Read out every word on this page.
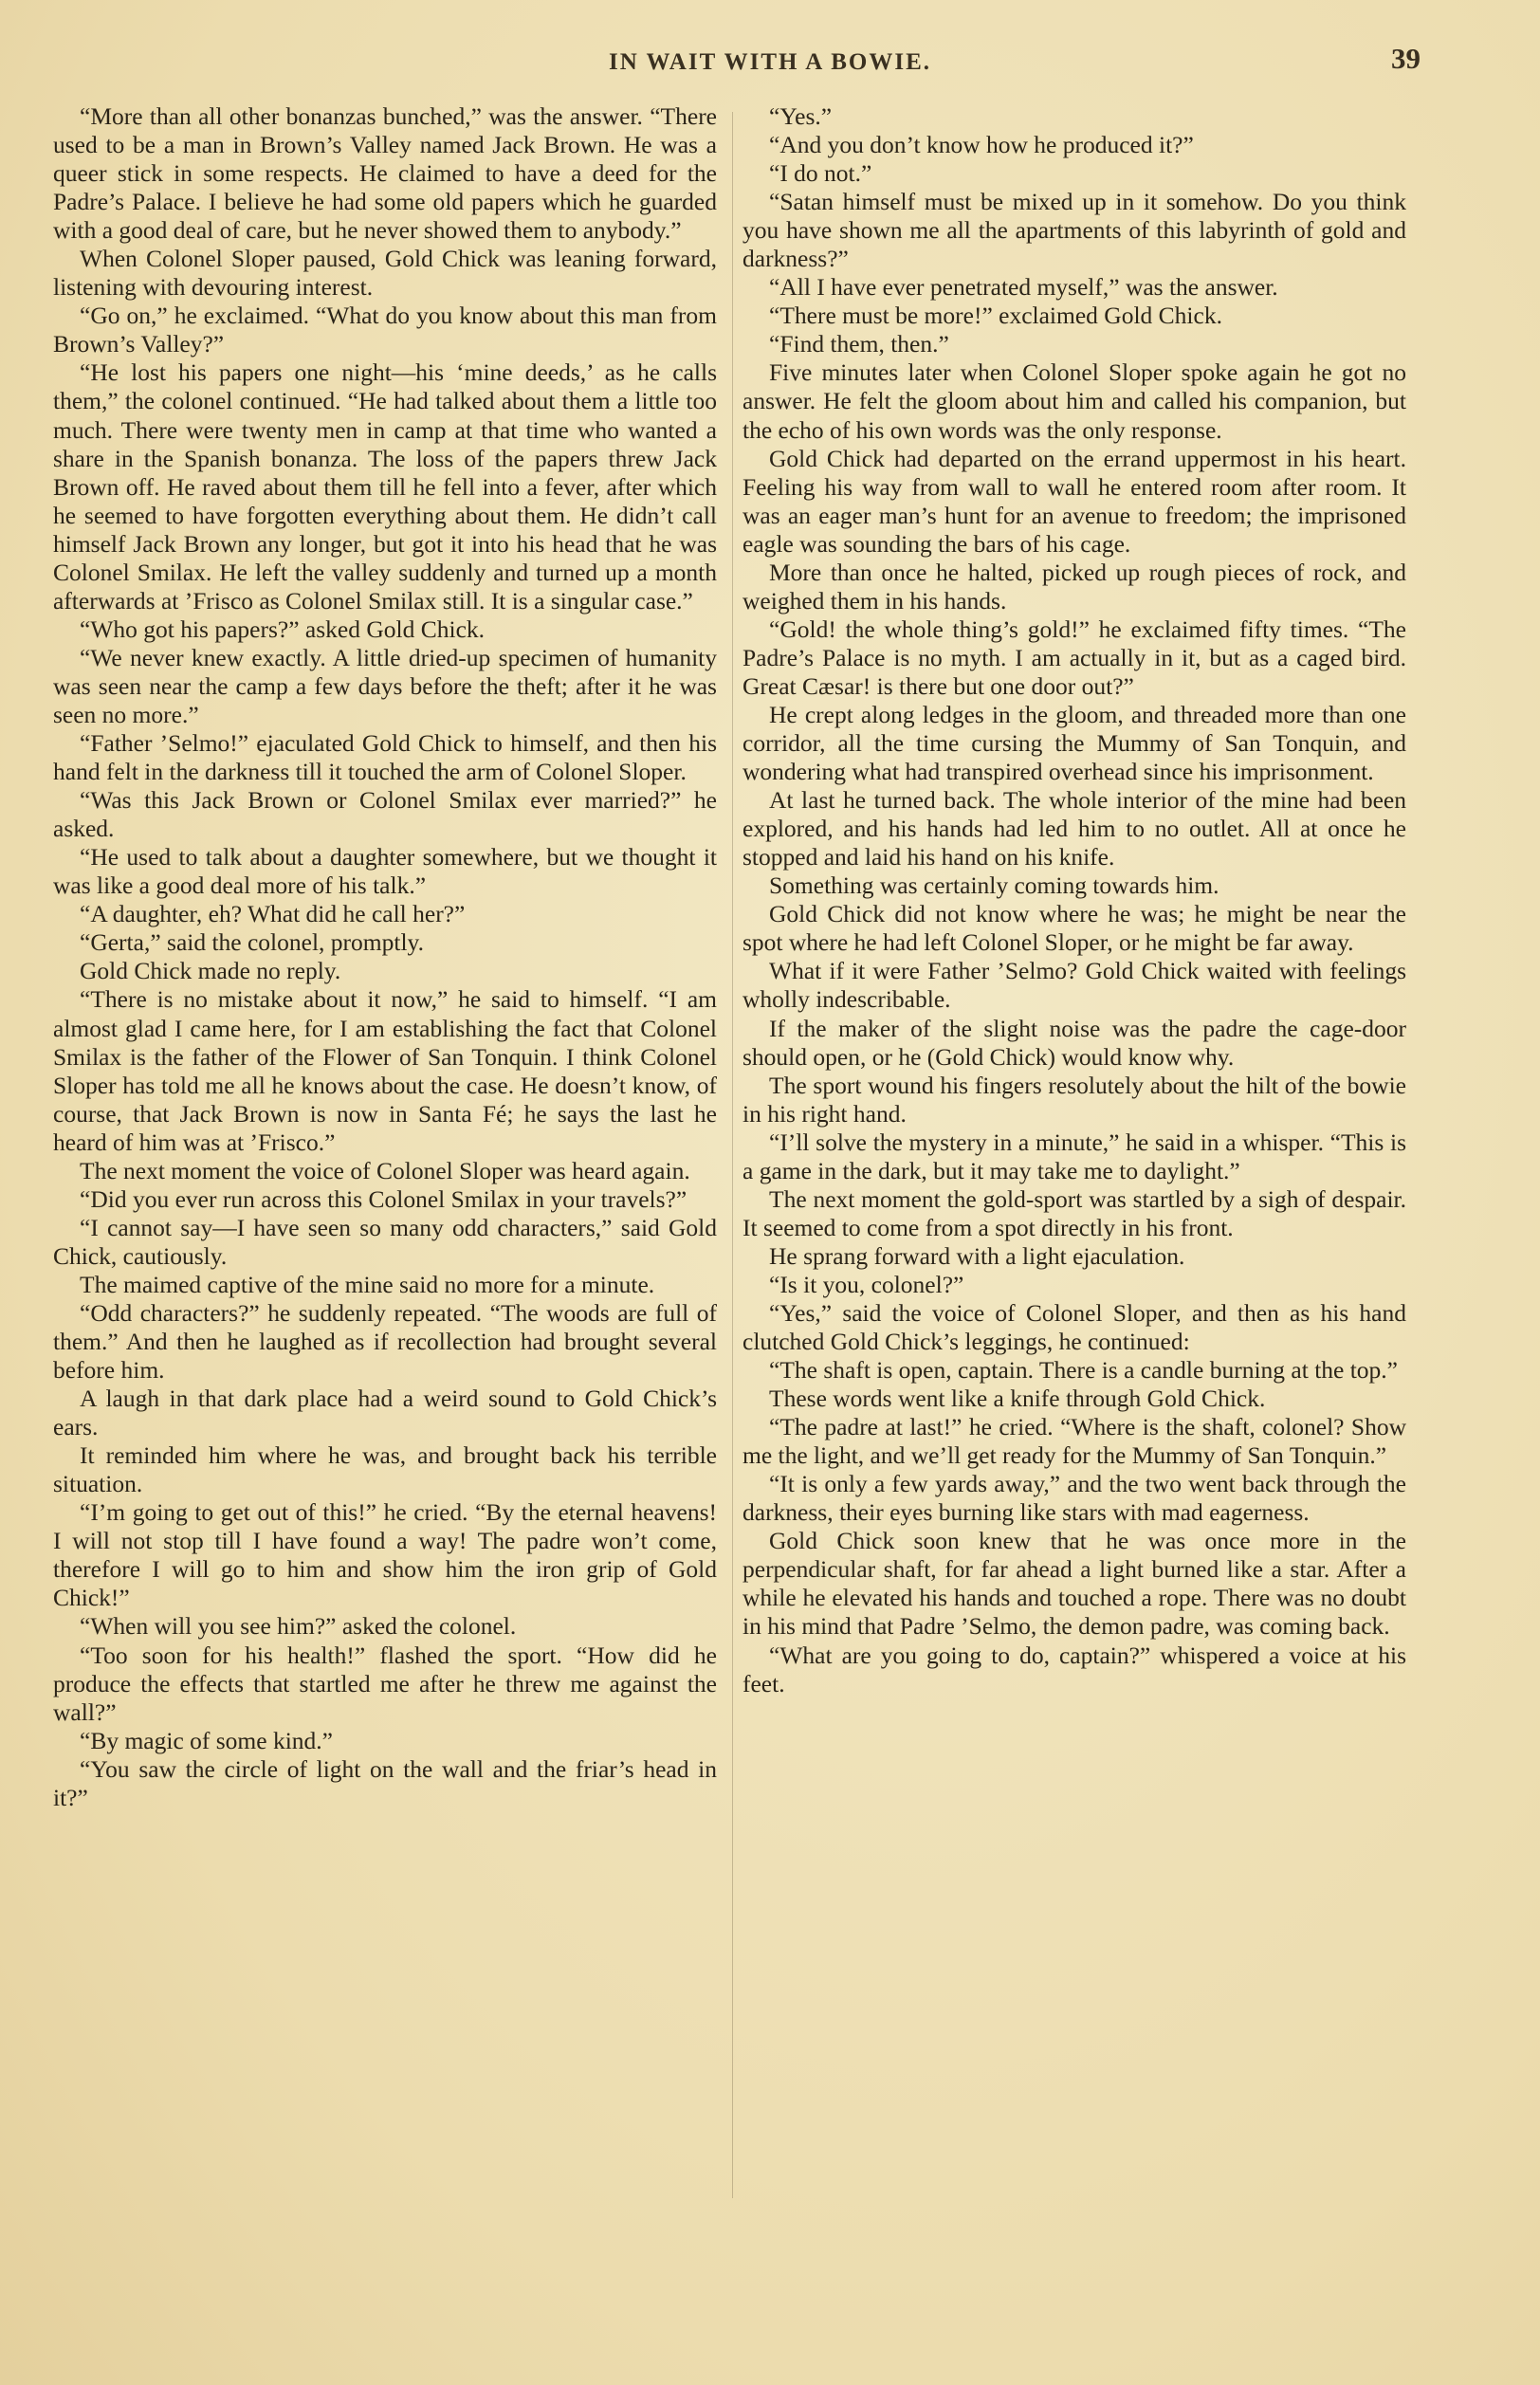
IN WAIT WITH A BOWIE.	39

“More than all other bonanzas bunched,” was the answer. “There used to be a man in Brown’s Valley named Jack Brown. He was a queer stick in some respects. He claimed to have a deed for the Padre’s Palace. I believe he had some old papers which he guarded with a good deal of care, but he never showed them to anybody.”

When Colonel Sloper paused, Gold Chick was leaning forward, listening with devouring interest.

“Go on,” he exclaimed. “What do you know about this man from Brown’s Valley?”

“He lost his papers one night—his ‘mine deeds,’ as he calls them,” the colonel continued. “He had talked about them a little too much. There were twenty men in camp at that time who wanted a share in the Spanish bonanza. The loss of the papers threw Jack Brown off. He raved about them till he fell into a fever, after which he seemed to have forgotten everything about them. He didn’t call himself Jack Brown any longer, but got it into his head that he was Colonel Smilax. He left the valley suddenly and turned up a month afterwards at ’Frisco as Colonel Smilax still. It is a singular case.”

“Who got his papers?” asked Gold Chick.

“We never knew exactly. A little dried-up specimen of humanity was seen near the camp a few days before the theft; after it he was seen no more.”

“Father ’Selmo!” ejaculated Gold Chick to himself, and then his hand felt in the darkness till it touched the arm of Colonel Sloper.

“Was this Jack Brown or Colonel Smilax ever married?” he asked.

“He used to talk about a daughter somewhere, but we thought it was like a good deal more of his talk.”

“A daughter, eh? What did he call her?”

“Gerta,” said the colonel, promptly.

Gold Chick made no reply.

“There is no mistake about it now,” he said to himself. “I am almost glad I came here, for I am establishing the fact that Colonel Smilax is the father of the Flower of San Tonquin. I think Colonel Sloper has told me all he knows about the case. He doesn’t know, of course, that Jack Brown is now in Santa Fé; he says the last he heard of him was at ’Frisco.”

The next moment the voice of Colonel Sloper was heard again.

“Did you ever run across this Colonel Smilax in your travels?”

“I cannot say—I have seen so many odd characters,” said Gold Chick, cautiously.

The maimed captive of the mine said no more for a minute.

“Odd characters?” he suddenly repeated. “The woods are full of them.” And then he laughed as if recollection had brought several before him.

A laugh in that dark place had a weird sound to Gold Chick’s ears.

It reminded him where he was, and brought back his terrible situation.

“I’m going to get out of this!” he cried. “By the eternal heavens! I will not stop till I have found a way! The padre won’t come, therefore I will go to him and show him the iron grip of Gold Chick!”

“When will you see him?” asked the colonel.

“Too soon for his health!” flashed the sport. “How did he produce the effects that startled me after he threw me against the wall?”

“By magic of some kind.”

“You saw the circle of light on the wall and the friar’s head in it?”

“Yes.”

“And you don’t know how he produced it?”

“I do not.”

“Satan himself must be mixed up in it somehow. Do you think you have shown me all the apartments of this labyrinth of gold and darkness?”

“All I have ever penetrated myself,” was the answer.

“There must be more!” exclaimed Gold Chick.

“Find them, then.”

Five minutes later when Colonel Sloper spoke again he got no answer. He felt the gloom about him and called his companion, but the echo of his own words was the only response.

Gold Chick had departed on the errand uppermost in his heart. Feeling his way from wall to wall he entered room after room. It was an eager man’s hunt for an avenue to freedom; the imprisoned eagle was sounding the bars of his cage.

More than once he halted, picked up rough pieces of rock, and weighed them in his hands.

“Gold! the whole thing’s gold!” he exclaimed fifty times. “The Padre’s Palace is no myth. I am actually in it, but as a caged bird. Great Cæsar! is there but one door out?”

He crept along ledges in the gloom, and threaded more than one corridor, all the time cursing the Mummy of San Tonquin, and wondering what had transpired overhead since his imprisonment.

At last he turned back. The whole interior of the mine had been explored, and his hands had led him to no outlet. All at once he stopped and laid his hand on his knife.

Something was certainly coming towards him.

Gold Chick did not know where he was; he might be near the spot where he had left Colonel Sloper, or he might be far away.

What if it were Father ’Selmo? Gold Chick waited with feelings wholly indescribable.

If the maker of the slight noise was the padre the cage-door should open, or he (Gold Chick) would know why.

The sport wound his fingers resolutely about the hilt of the bowie in his right hand.

“I’ll solve the mystery in a minute,” he said in a whisper. “This is a game in the dark, but it may take me to daylight.”

The next moment the gold-sport was startled by a sigh of despair. It seemed to come from a spot directly in his front.

He sprang forward with a light ejaculation.

“Is it you, colonel?”

“Yes,” said the voice of Colonel Sloper, and then as his hand clutched Gold Chick’s leggings, he continued:

“The shaft is open, captain. There is a candle burning at the top.”

These words went like a knife through Gold Chick.

“The padre at last!” he cried. “Where is the shaft, colonel? Show me the light, and we’ll get ready for the Mummy of San Tonquin.”

“It is only a few yards away,” and the two went back through the darkness, their eyes burning like stars with mad eagerness.

Gold Chick soon knew that he was once more in the perpendicular shaft, for far ahead a light burned like a star. After a while he elevated his hands and touched a rope. There was no doubt in his mind that Padre ’Selmo, the demon padre, was coming back.

“What are you going to do, captain?” whispered a voice at his feet.
